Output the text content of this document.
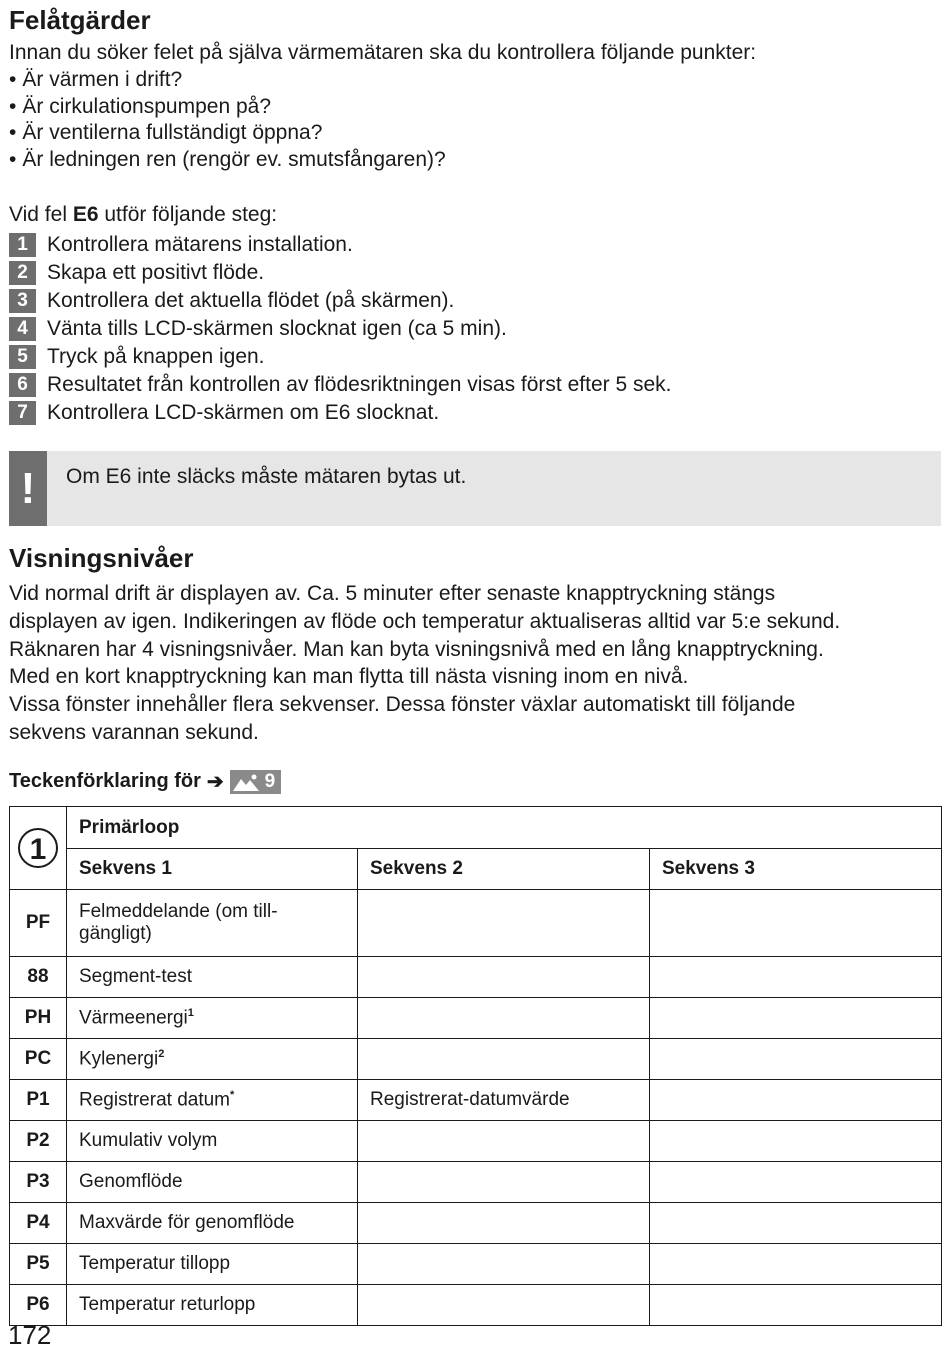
Felåtgärder

Innan du söker felet på själva värmemätaren ska du kontrollera följande punkter:

• Är värmen i drift?
• Är cirkulationspumpen på?
• Är ventilerna fullständigt öppna?
• Är ledningen ren (rengör ev. smutsfångaren)?

Vid fel E6 utför följande steg:

1 Kontrollera mätarens installation.
2 Skapa ett positivt flöde.
3 Kontrollera det aktuella flödet (på skärmen).
4 Vänta tills LCD-skärmen slocknat igen (ca 5 min).
5 Tryck på knappen igen.
6 Resultatet från kontrollen av flödesriktningen visas först efter 5 sek.
7 Kontrollera LCD-skärmen om E6 slocknat.
!	Om E6 inte släcks måste mätaren bytas ut.
Visningsnivåer

Vid normal drift är displayen av. Ca. 5 minuter efter senaste knapptryckning stängs

displayen av igen. Indikeringen av flöde och temperatur aktualiseras alltid var 5:e sekund.

Räknaren har 4 visningsnivåer. Man kan byta visningsnivå med en lång knapptryckning.

Med en kort knapptryckning kan man flytta till nästa visning inom en nivå.

Vissa fönster innehåller flera sekvenser. Dessa fönster växlar automatiskt till följande

sekvens varannan sekund.

Teckenförklaring för ➔ 9
1	Primärloop		
	Sekvens 1	Sekvens 2	Sekvens 3
PF	Felmeddelande (om till-
gängligt)		
88	Segment-test		
PH	Värmeenergi$^1$		
PC	Kylenergi$^2$		
P1	Registrerat datum*	Registrerat-datumvärde	
P2	Kumulativ volym		
P3	Genomflöde		
P4	Maxvärde för genomflöde		
P5	Temperatur tillopp		
P6	Temperatur returlopp		
172
